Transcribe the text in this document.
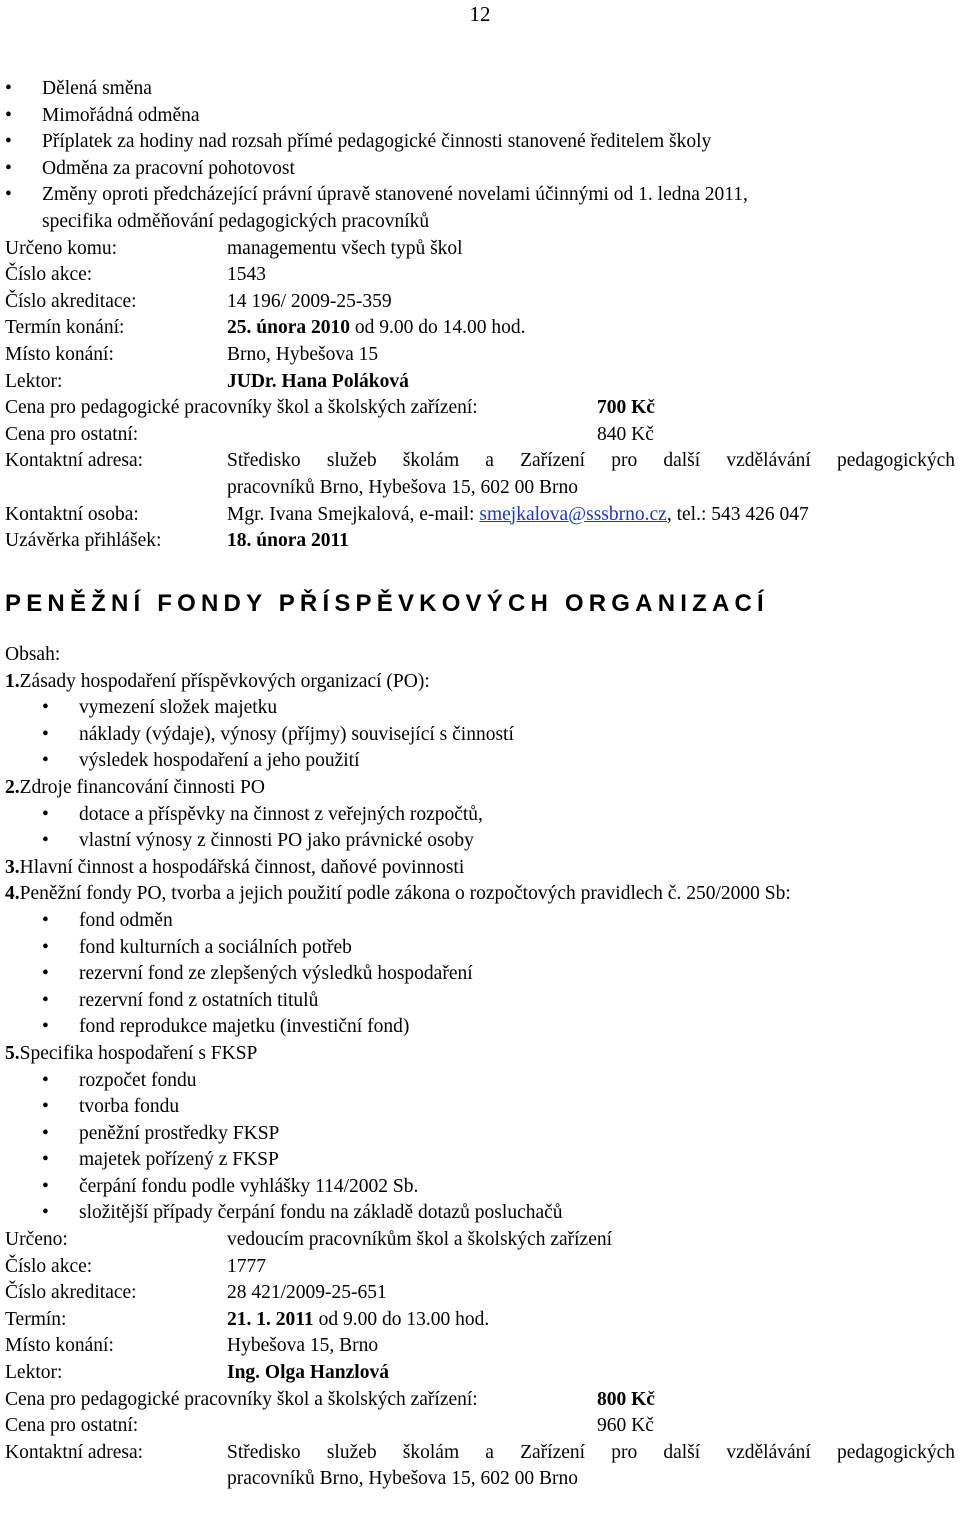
12
• Dělená směna
• Mimořádná odměna
• Příplatek za hodiny nad rozsah přímé pedagogické činnosti stanovené ředitelem školy
• Odměna za pracovní pohotovost
• Změny oproti předcházející právní úpravě stanovené novelami účinnými od 1. ledna 2011,
specifika odměňování pedagogických pracovníků
Určeno komu:	managementu všech typů škol
Číslo akce:	1543
Číslo akreditace:	14 196/ 2009-25-359
Termín konání:	25. února 2010 od 9.00 do 14.00 hod.
Místo konání:	Brno, Hybešova 15
Lektor:	JUDr. Hana Poláková
Cena pro pedagogické pracovníky škol a školských zařízení:	700 Kč
Cena pro ostatní:	840 Kč
Kontaktní adresa:	Středisko služeb školám a Zařízení pro další vzdělávání pedagogických
pracovníků Brno, Hybešova 15, 602 00 Brno
Kontaktní osoba:	Mgr. Ivana Smejkalová, e-mail: smejkalova@sssbrno.cz, tel.: 543 426 047
Uzávěrka přihlášek:	18. února 2011
PENĚŽNÍ FONDY PŘÍSPĚVKOVÝCH ORGANIZACÍ
Obsah:
1. Zásady hospodaření příspěvkových organizací (PO):
• vymezení složek majetku
• náklady (výdaje), výnosy (příjmy) související s činností
• výsledek hospodaření a jeho použití
2. Zdroje financování činnosti PO
• dotace a příspěvky na činnost z veřejných rozpočtů,
• vlastní výnosy z činnosti PO jako právnické osoby
3. Hlavní činnost a hospodářská činnost, daňové povinnosti
4. Peněžní fondy PO, tvorba a jejich použití podle zákona o rozpočtových pravidlech č. 250/2000 Sb:
• fond odměn
• fond kulturních a sociálních potřeb
• rezervní fond ze zlepšených výsledků hospodaření
• rezervní fond z ostatních titulů
• fond reprodukce majetku (investiční fond)
5. Specifika hospodaření s FKSP
• rozpočet fondu
• tvorba fondu
• peněžní prostředky FKSP
• majetek pořízený z FKSP
• čerpání fondu podle vyhlášky 114/2002 Sb.
• složitější případy čerpání fondu na základě dotazů posluchačů
Určeno:	vedoucím pracovníkům škol a školských zařízení
Číslo akce:	1777
Číslo akreditace:	28 421/2009-25-651
Termín:	21. 1. 2011 od 9.00 do 13.00 hod.
Místo konání:	Hybešova 15, Brno
Lektor:	Ing. Olga Hanzlová
Cena pro pedagogické pracovníky škol a školských zařízení:	800 Kč
Cena pro ostatní:	960 Kč
Kontaktní adresa:	Středisko služeb školám a Zařízení pro další vzdělávání pedagogických
pracovníků Brno, Hybešova 15, 602 00 Brno
